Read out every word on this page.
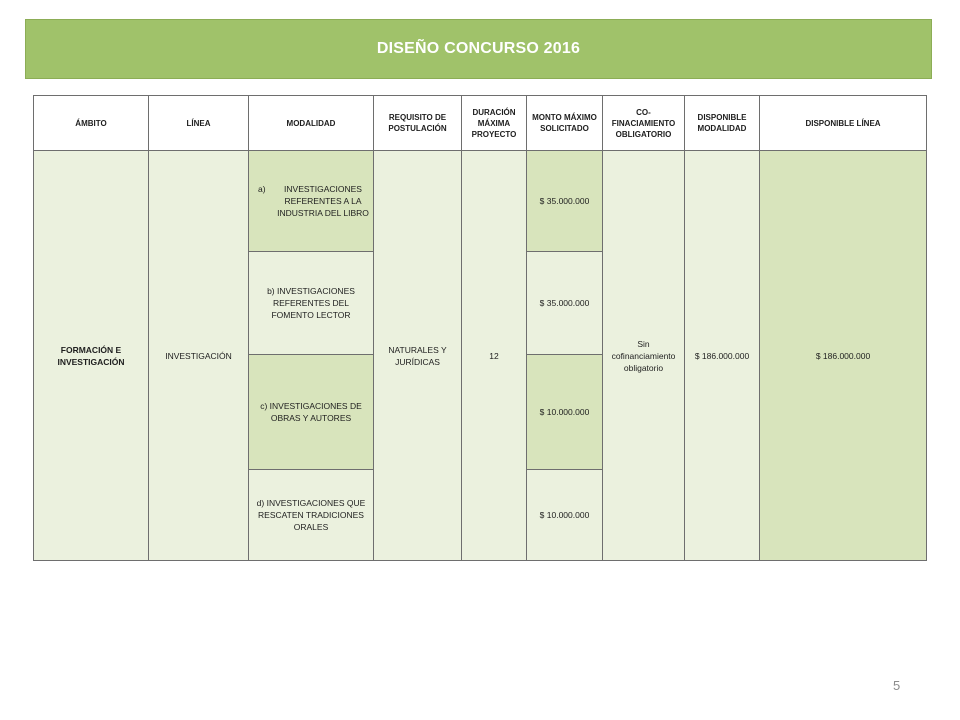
DISEÑO CONCURSO 2016
ÁMBITO	LÍNEA	MODALIDAD	REQUISITO DE POSTULACIÓN	DURACIÓN MÁXIMA PROYECTO	MONTO MÁXIMO SOLICITADO	CO-FINACIAMIENTO OBLIGATORIO	DISPONIBLE MODALIDAD	DISPONIBLE LÍNEA
FORMACIÓN E INVESTIGACIÓN	INVESTIGACIÓN	a) INVESTIGACIONES REFERENTES A LA INDUSTRIA DEL LIBRO	NATURALES Y JURÍDICAS	12	$ 35.000.000	Sin cofinanciamiento obligatorio	$ 186.000.000	$ 186.000.000
		b) INVESTIGACIONES REFERENTES DEL FOMENTO LECTOR			$ 35.000.000			
		c) INVESTIGACIONES DE OBRAS Y AUTORES			$ 10.000.000			
		d) INVESTIGACIONES QUE RESCATEN TRADICIONES ORALES			$ 10.000.000			
5
